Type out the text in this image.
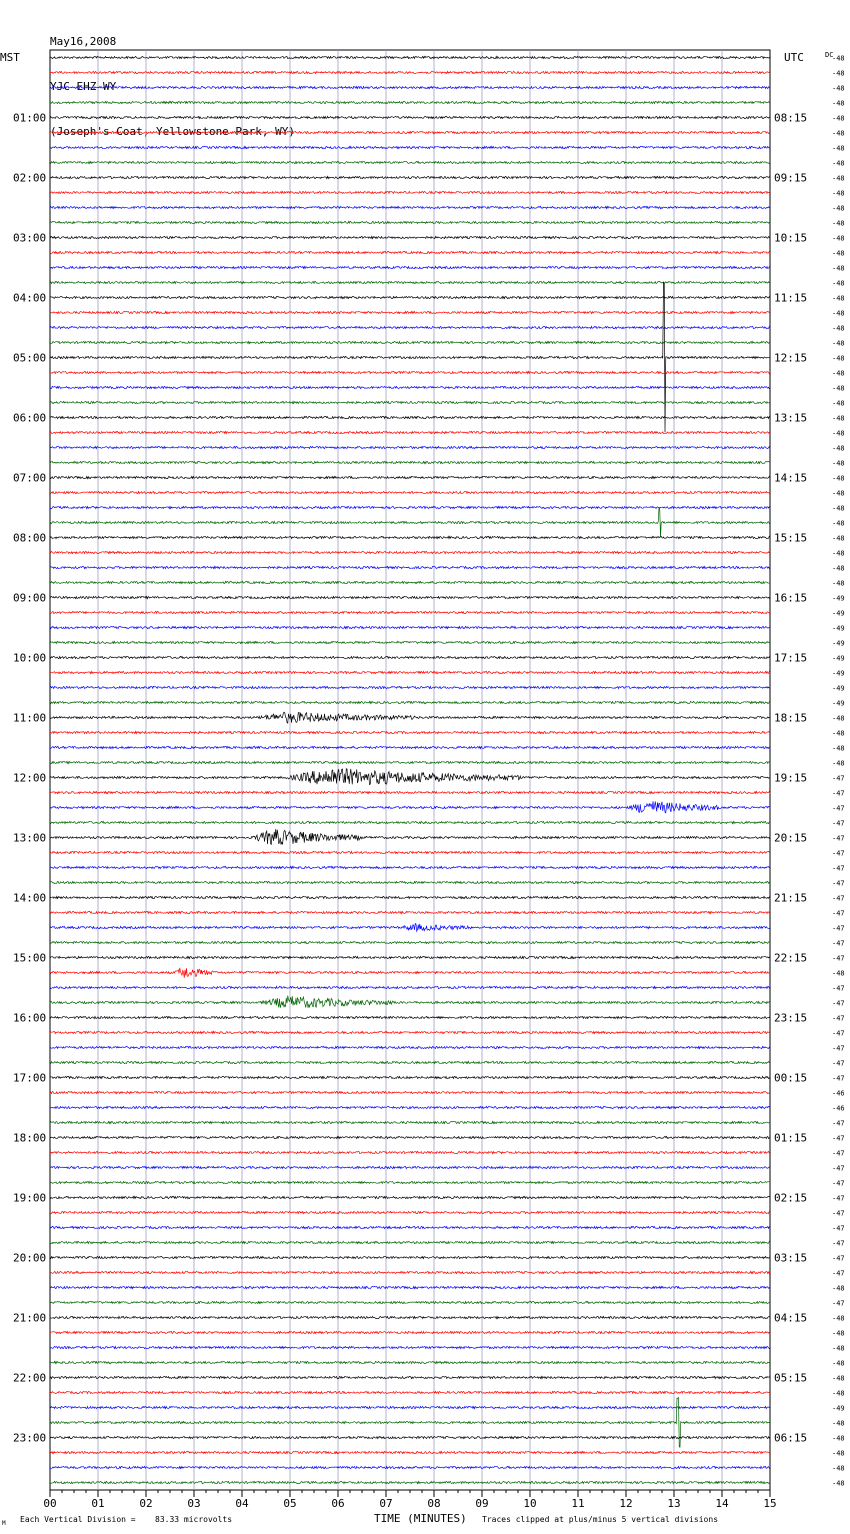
May16,2008

YJC EHZ WY

(Joseph's Coat, Yellowstone Park, WY)

01:00
02:00
03:00
04:00
05:00
06:00
07:00
08:00
09:00
10:00
11:00
12:00
13:00
14:00
15:00
16:00
17:00
18:00
19:00
20:00
21:00
22:00
23:00
08:15
09:15
10:15
11:15
12:15
13:15
14:15
15:15
16:15
17:15
18:15
19:15
20:15
21:15
22:15
23:15
00:15
01:15
02:15
03:15
04:15
05:15
06:15
-48
-48
-48
-48
-48
-48
-48
-48
-48
-48
-48
-48
-48
-48
-48
-48
-48
-48
-48
-48
-48
-48
-48
-48
-48
-48
-48
-48
-48
-48
-48
-48
-48
-48
-48
-48
-49
-49
-49
-49
-49
-49
-49
-49
-48
-48
-48
-48
-47
-47
-47
-47
-47
-47
-47
-47
-47
-47
-47
-47
-47
-48
-47
-47
-47
-47
-47
-47
-47
-46
-46
-47
-47
-47
-47
-47
-47
-47
-47
-47
-47
-47
-48
-47
-48
-48
-48
-48
-48
-48
-49
-48
-48
-48
-48
-48
00	01	02	03	04	05	06	07	08	09	10	11	12	13	14	15
MST	UTC	DC
M Each Vertical Division = 83.33 microvolts	TIME (MINUTES) Traces clipped at plus/minus 5 vertical divisions
